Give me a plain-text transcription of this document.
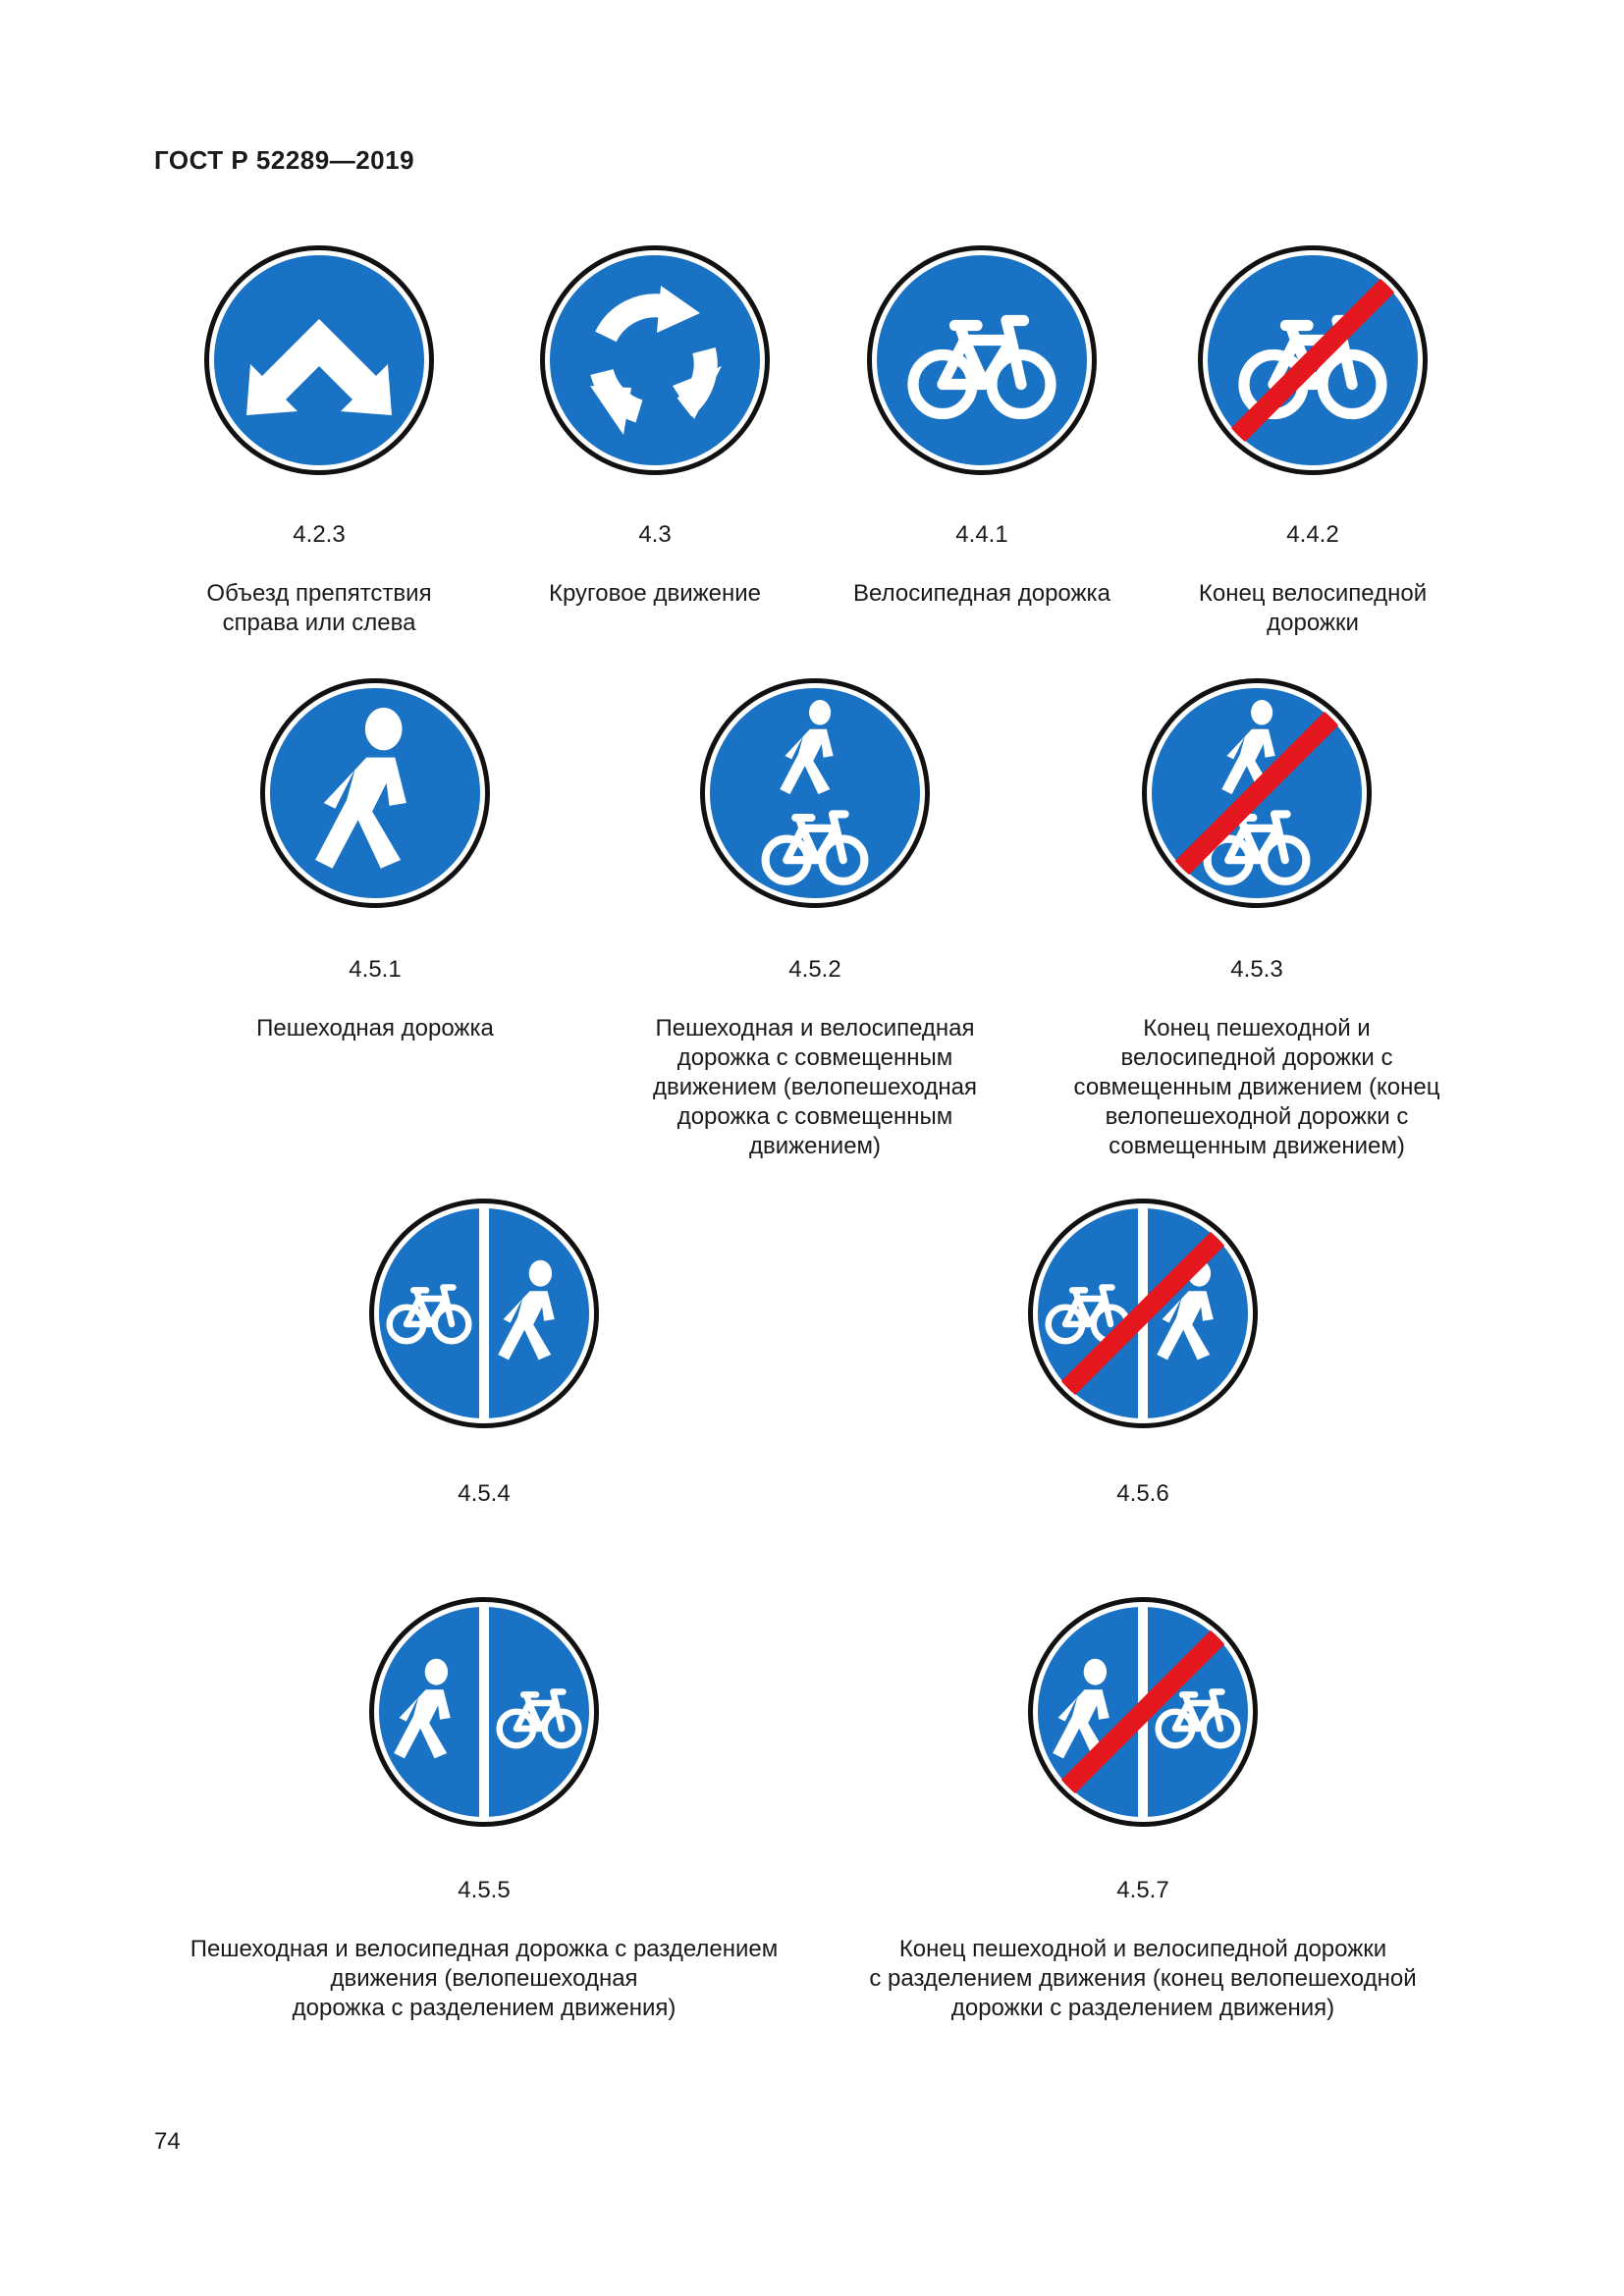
ГОСТ Р 52289—2019

4.2.3

Объезд препятствия
справа или слева

4.3

Круговое движение

4.4.1

Велосипедная дорожка

4.4.2

Конец велосипедной
дорожки

4.5.1

Пешеходная дорожка

4.5.2

Пешеходная и велосипедная
дорожка с совмещенным
движением (велопешеходная
дорожка с совмещенным
движением)

4.5.3

Конец пешеходной и
велосипедной дорожки с
совмещенным движением (конец
велопешеходной дорожки с
совмещенным движением)

4.5.4	4.5.6

4.5.5

Пешеходная и велосипедная дорожка с разделением
движения (велопешеходная
дорожка с разделением движения)

4.5.7

Конец пешеходной и велосипедной дорожки
с разделением движения (конец велопешеходной
дорожки с разделением движения)

74
